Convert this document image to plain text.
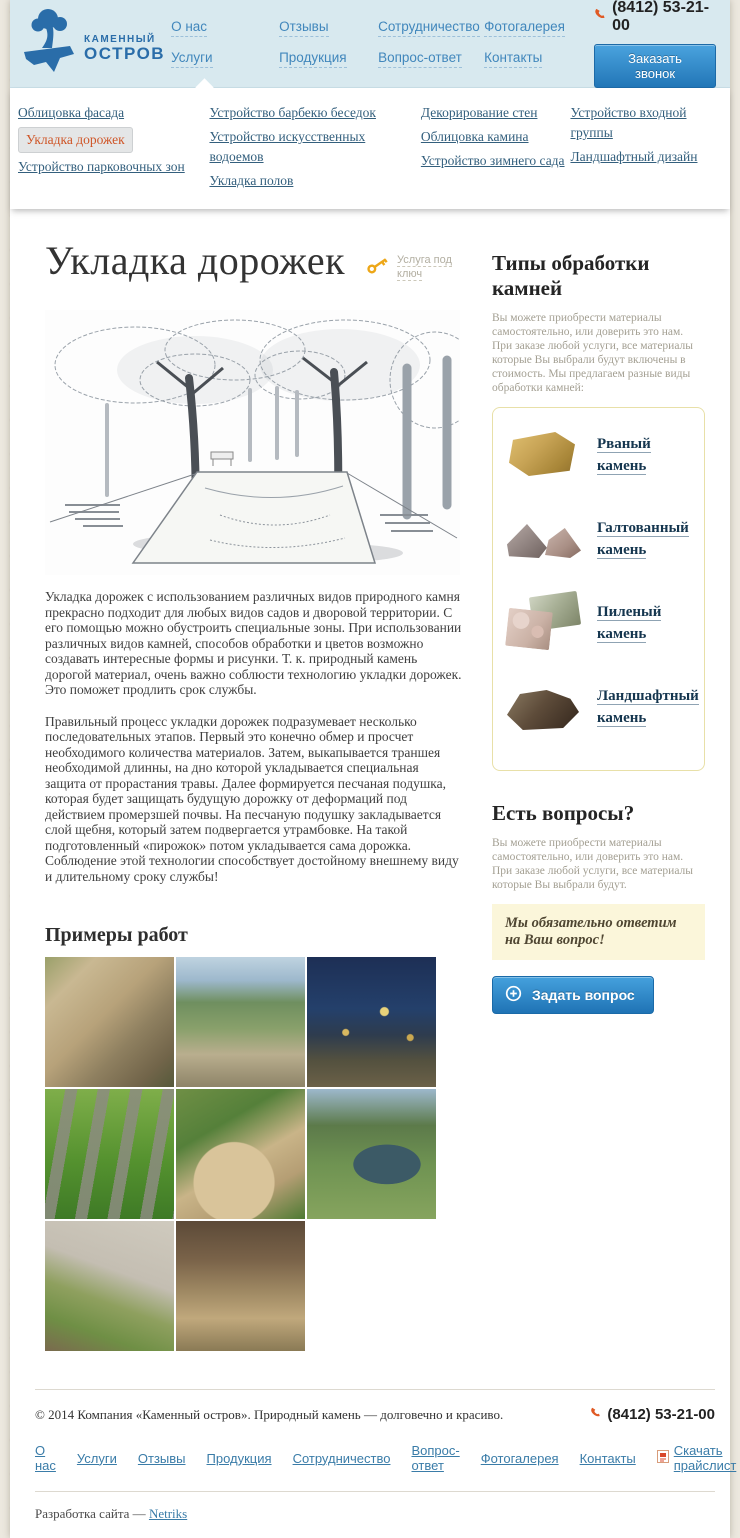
КАМЕННЫЙ
ОСТРОВ
О нас
Услуги
Отзывы
Продукция
Сотрудничество
Вопрос-ответ
Фотогалерея
Контакты
(8412) 53-21-00
Заказать звонок
Облицовка фасада
Укладка дорожек
Устройство парковочных зон
Устройство барбекю беседок
Устройство искусственных водоемов
Укладка полов
Декорирование стен
Облицовка камина
Устройство зимнего сада
Устройство входной группы
Ландшафтный дизайн
Укладка дорожек	Услуга под ключ

Укладка дорожек с использованием различных видов природного камня прекрасно подходит для любых видов садов и дворовой территории. С его помощью можно обустроить специальные зоны. При использовании различных видов камней, способов обработки и цветов возможно создавать интересные формы и рисунки. Т. к. природный камень дорогой материал, очень важно соблюсти технологию укладки дорожек. Это поможет продлить срок службы.

Правильный процесс укладки дорожек подразумевает несколько последовательных этапов. Первый это конечно обмер и просчет необходимого количества материалов. Затем, выкапывается траншея необходимой длинны, на дно которой укладывается специальная защита от прорастания травы. Далее формируется песчаная подушка, которая будет защищать будущую дорожку от деформаций под действием промерзшей почвы. На песчаную подушку закладывается слой щебня, который затем подвергается утрамбовке. На такой подготовленный «пирожок» потом укладывается сама дорожка. Соблюдение этой технологии способствует достойному внешнему виду и длительному сроку службы!

Примеры работ
Типы обработки камней

Вы можете приобрести материалы самостоятельно, или доверить это нам. При заказе любой услуги, все материалы которые Вы выбрали будут включены в стоимость. Мы предлагаем разные виды обработки камней:

Рваный камень
Галтованный камень
Пиленый камень
Ландшафтный камень
Есть вопросы?

Вы можете приобрести материалы самостоятельно, или доверить это нам. При заказе любой услуги, все материалы которые Вы выбрали будут.

Мы обязательно ответим на Ваш вопрос!
Задать вопрос
© 2014 Компания «Каменный остров». Природный камень — долговечно и красиво.	(8412) 53-21-00
О нас Услуги Отзывы Продукция Сотрудничество Вопрос-ответ	Фотогалерея Контакты	Скачать прайслист
Разработка сайта — Netriks
